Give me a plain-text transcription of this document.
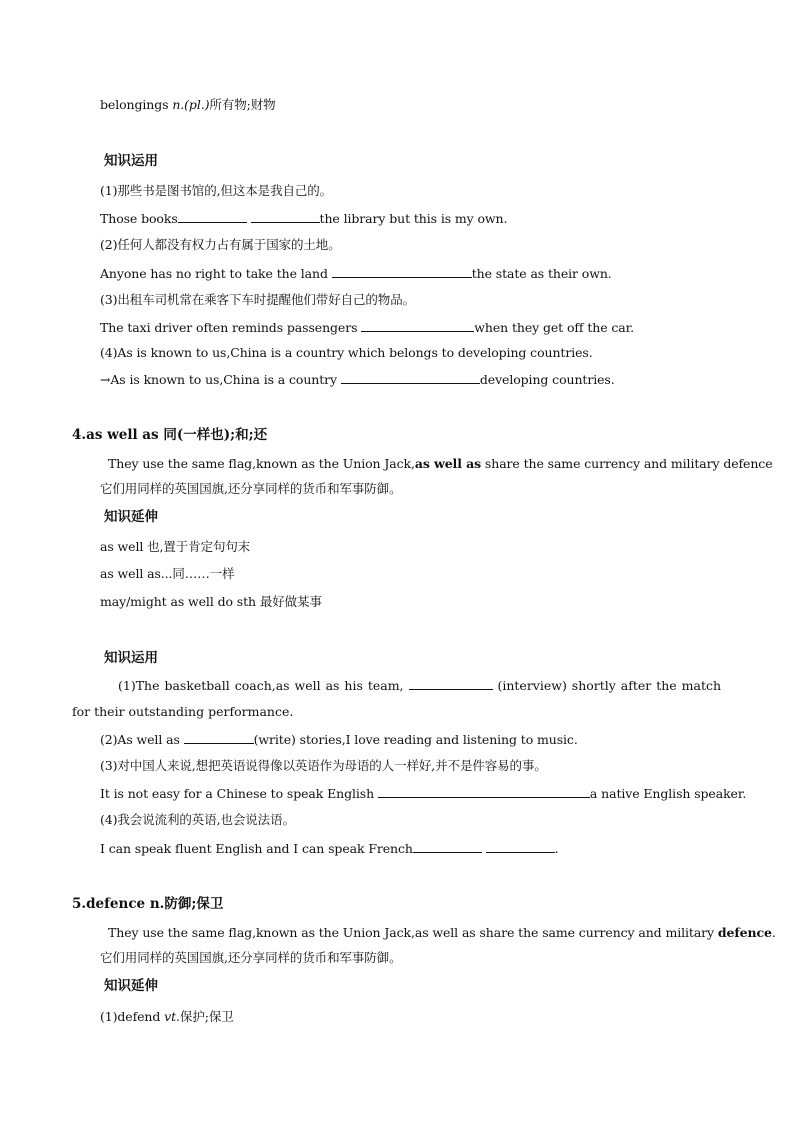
belongings n.(pl.)所有物;财物
知识运用
(1)那些书是图书馆的,但这本是我自己的。
Those books	the library but this is my own.
(2)任何人都没有权力占有属于国家的土地。
Anyone has no right to take the land	the state as their own.
(3)出租车司机常在乘客下车时提醒他们带好自己的物品。
The taxi driver often reminds passengers	when they get off the car.
(4)As is known to us,China is a country which belongs to developing countries.
→As is known to us,China is a country	developing countries.
4.as well as 同(一样也);和;还
They use the same flag,known as the Union Jack,as well as share the same currency and military defence
它们用同样的英国国旗,还分享同样的货币和军事防御。
知识延伸
as well 也,置于肯定句句末
as well as...同……一样
may/might as well do sth 最好做某事
知识运用
(1)The basketball coach,as well as his team,	(interview) shortly after the match for their outstanding performance.
(2)As well as	(write) stories,I love reading and listening to music.
(3)对中国人来说,想把英语说得像以英语作为母语的人一样好,并不是件容易的事。
It is not easy for a Chinese to speak English	a native English speaker.
(4)我会说流利的英语,也会说法语。
I can speak fluent English and I can speak French	.
5.defence n.防御;保卫
They use the same flag,known as the Union Jack,as well as share the same currency and military defence.
它们用同样的英国国旗,还分享同样的货币和军事防御。
知识延伸
(1)defend vt.保护;保卫
